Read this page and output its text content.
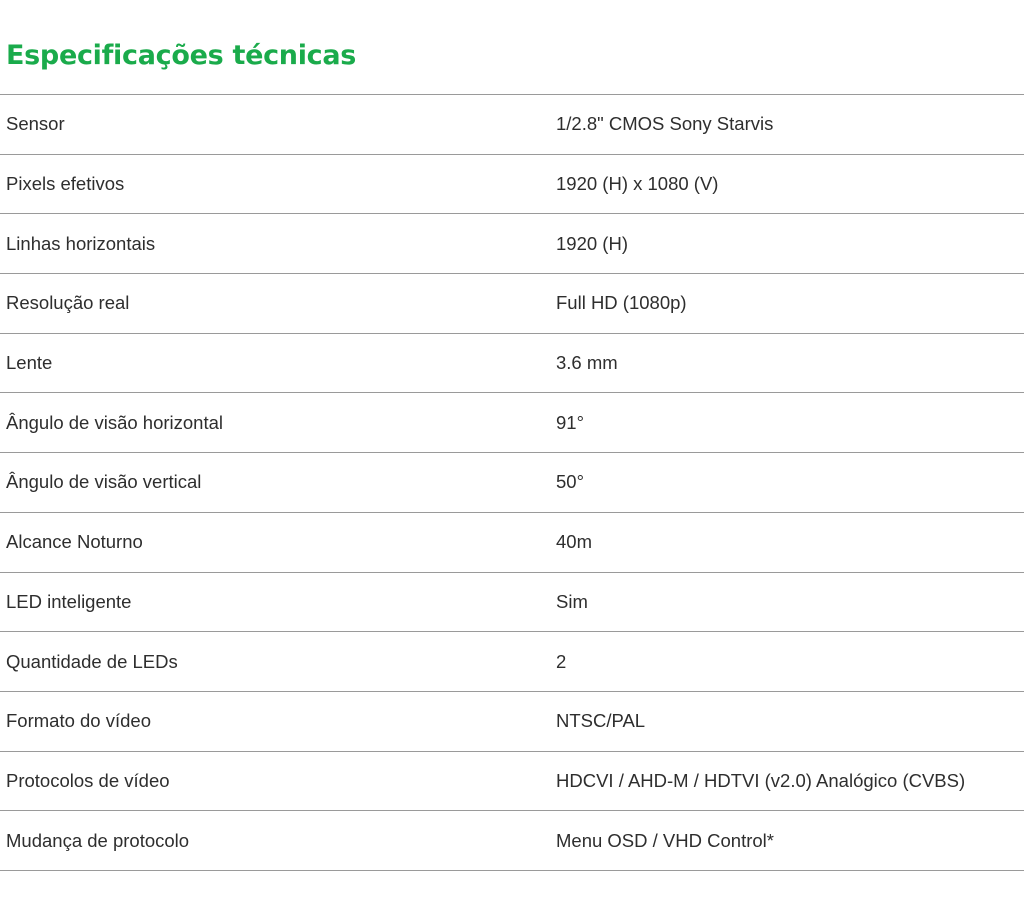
Especificações técnicas
Sensor	1/2.8" CMOS Sony Starvis
Pixels efetivos	1920 (H) x 1080 (V)
Linhas horizontais	1920 (H)
Resolução real	Full HD (1080p)
Lente	3.6 mm
Ângulo de visão horizontal	91°
Ângulo de visão vertical	50°
Alcance Noturno	40m
LED inteligente	Sim
Quantidade de LEDs	2
Formato do vídeo	NTSC/PAL
Protocolos de vídeo	HDCVI / AHD-M / HDTVI (v2.0) Analógico (CVBS)
Mudança de protocolo	Menu OSD / VHD Control*
